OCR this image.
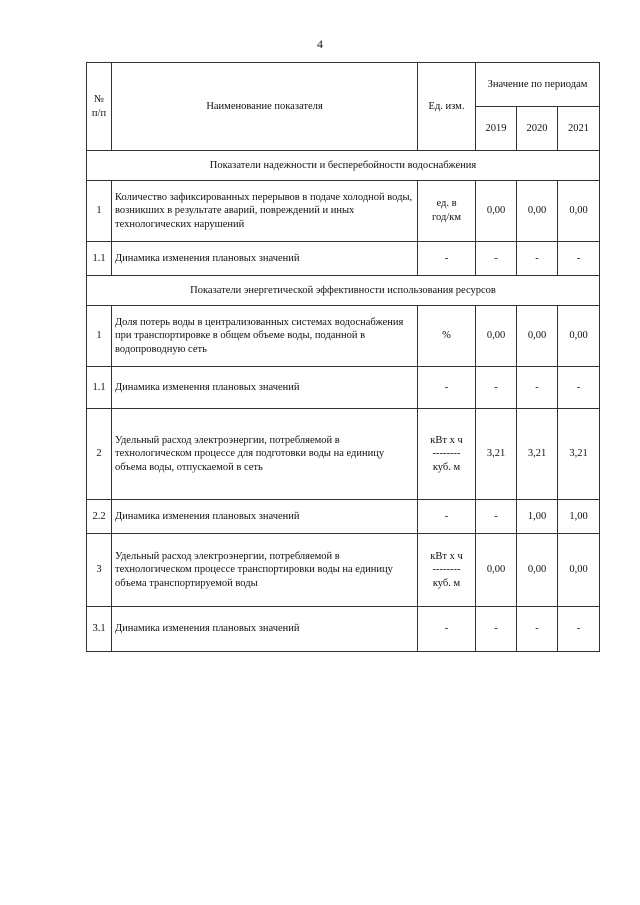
4
№
п/п	Наименование показателя	Ед. изм.	Значение по периодам		
			2019	2020	2021
Показатели надежности и бесперебойности водоснабжения					
1	Количество зафиксированных перерывов в подаче холодной воды, возникших в результате аварий, повреждений и иных технологических нарушений	ед. в
год/км	0,00	0,00	0,00
1.1	Динамика изменения плановых значений	-	-	-	-
Показатели энергетической эффективности использования ресурсов					
1	Доля потерь воды в централизованных системах водоснабжения при транспортировке в общем объеме воды, поданной в водопроводную сеть	%	0,00	0,00	0,00
1.1	Динамика изменения плановых значений	-	-	-	-
2	Удельный расход электроэнергии, потребляемой в технологическом процессе для подготовки воды на единицу объема воды, отпускаемой в сеть	кВт х ч
--------
куб. м	3,21	3,21	3,21
2.2	Динамика изменения плановых значений	-	-	1,00	1,00
3	Удельный расход электроэнергии, потребляемой в технологическом процессе транспортировки воды на единицу объема транспортируемой воды	кВт х ч
--------
куб. м	0,00	0,00	0,00
3.1	Динамика изменения плановых значений	-	-	-	-
